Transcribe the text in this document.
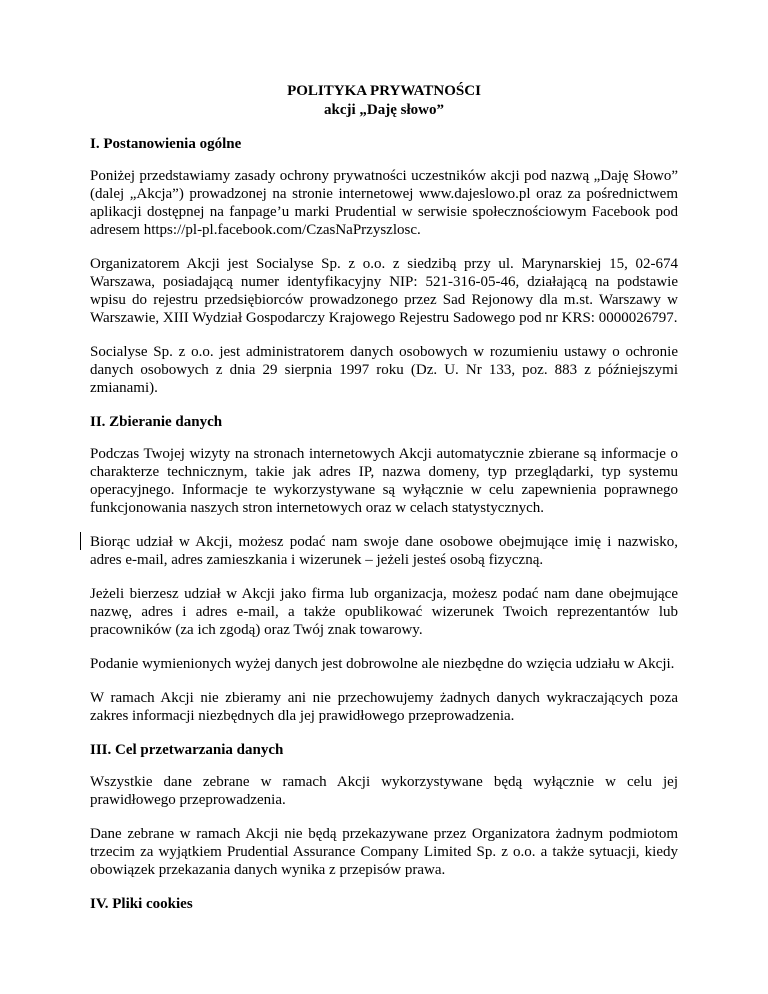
POLITYKA PRYWATNOŚCI
akcji „Daję słowo”
I. Postanowienia ogólne

Poniżej przedstawiamy zasady ochrony prywatności uczestników akcji pod nazwą „Daję Słowo” (dalej „Akcja”) prowadzonej na stronie internetowej www.dajeslowo.pl oraz za pośrednictwem aplikacji dostępnej na fanpage’u marki Prudential w serwisie społecznościowym Facebook pod adresem https://pl-pl.facebook.com/CzasNaPrzyszlosc.

Organizatorem Akcji jest Socialyse Sp. z o.o. z siedzibą przy ul. Marynarskiej 15, 02-674 Warszawa, posiadającą numer identyfikacyjny NIP: 521-316-05-46, działającą na podstawie wpisu do rejestru przedsiębiorców prowadzonego przez Sad Rejonowy dla m.st. Warszawy w Warszawie, XIII Wydział Gospodarczy Krajowego Rejestru Sadowego pod nr KRS: 0000026797.

Socialyse Sp. z o.o. jest administratorem danych osobowych w rozumieniu ustawy o ochronie danych osobowych z dnia 29 sierpnia 1997 roku (Dz. U. Nr 133, poz. 883 z późniejszymi zmianami).

II. Zbieranie danych

Podczas Twojej wizyty na stronach internetowych Akcji automatycznie zbierane są informacje o charakterze technicznym, takie jak adres IP, nazwa domeny, typ przeglądarki, typ systemu operacyjnego. Informacje te wykorzystywane są wyłącznie w celu zapewnienia poprawnego funkcjonowania naszych stron internetowych oraz w celach statystycznych.

Biorąc udział w Akcji, możesz podać nam swoje dane osobowe obejmujące imię i nazwisko, adres e-mail, adres zamieszkania i wizerunek – jeżeli jesteś osobą fizyczną.

Jeżeli bierzesz udział w Akcji jako firma lub organizacja, możesz podać nam dane obejmujące nazwę, adres i adres e-mail, a także opublikować wizerunek Twoich reprezentantów lub pracowników (za ich zgodą) oraz Twój znak towarowy.

Podanie wymienionych wyżej danych jest dobrowolne ale niezbędne do wzięcia udziału w Akcji.

W ramach Akcji nie zbieramy ani nie przechowujemy żadnych danych wykraczających poza zakres informacji niezbędnych dla jej prawidłowego przeprowadzenia.

III. Cel przetwarzania danych

Wszystkie dane zebrane w ramach Akcji wykorzystywane będą wyłącznie w celu jej prawidłowego przeprowadzenia.

Dane zebrane w ramach Akcji nie będą przekazywane przez Organizatora żadnym podmiotom trzecim za wyjątkiem Prudential Assurance Company Limited Sp. z o.o. a także sytuacji, kiedy obowiązek przekazania danych wynika z przepisów prawa.

IV. Pliki cookies
